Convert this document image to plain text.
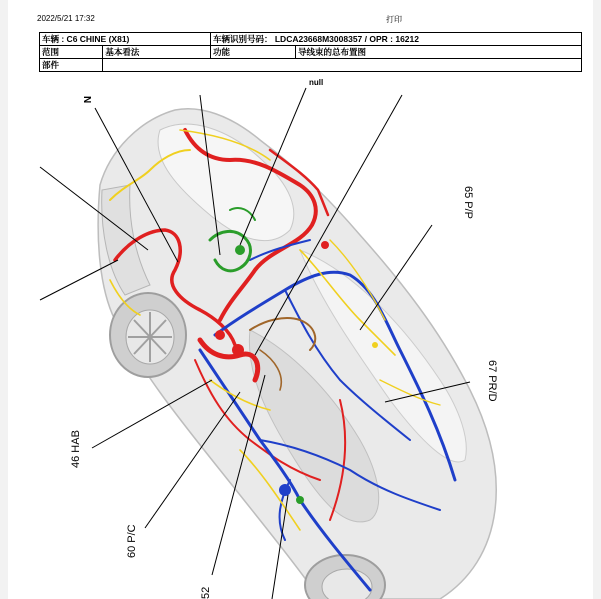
2022/5/21 17:32	打印
车辆 : C6 CHINE (X81)		车辆识别号码： LDCA23668M3008357 / OPR : 16212	
范围	基本看法	功能	导线束的总布置图
部件			
null
N
65 P/P
67 PR/D
46 HAB
60 P/C
52
